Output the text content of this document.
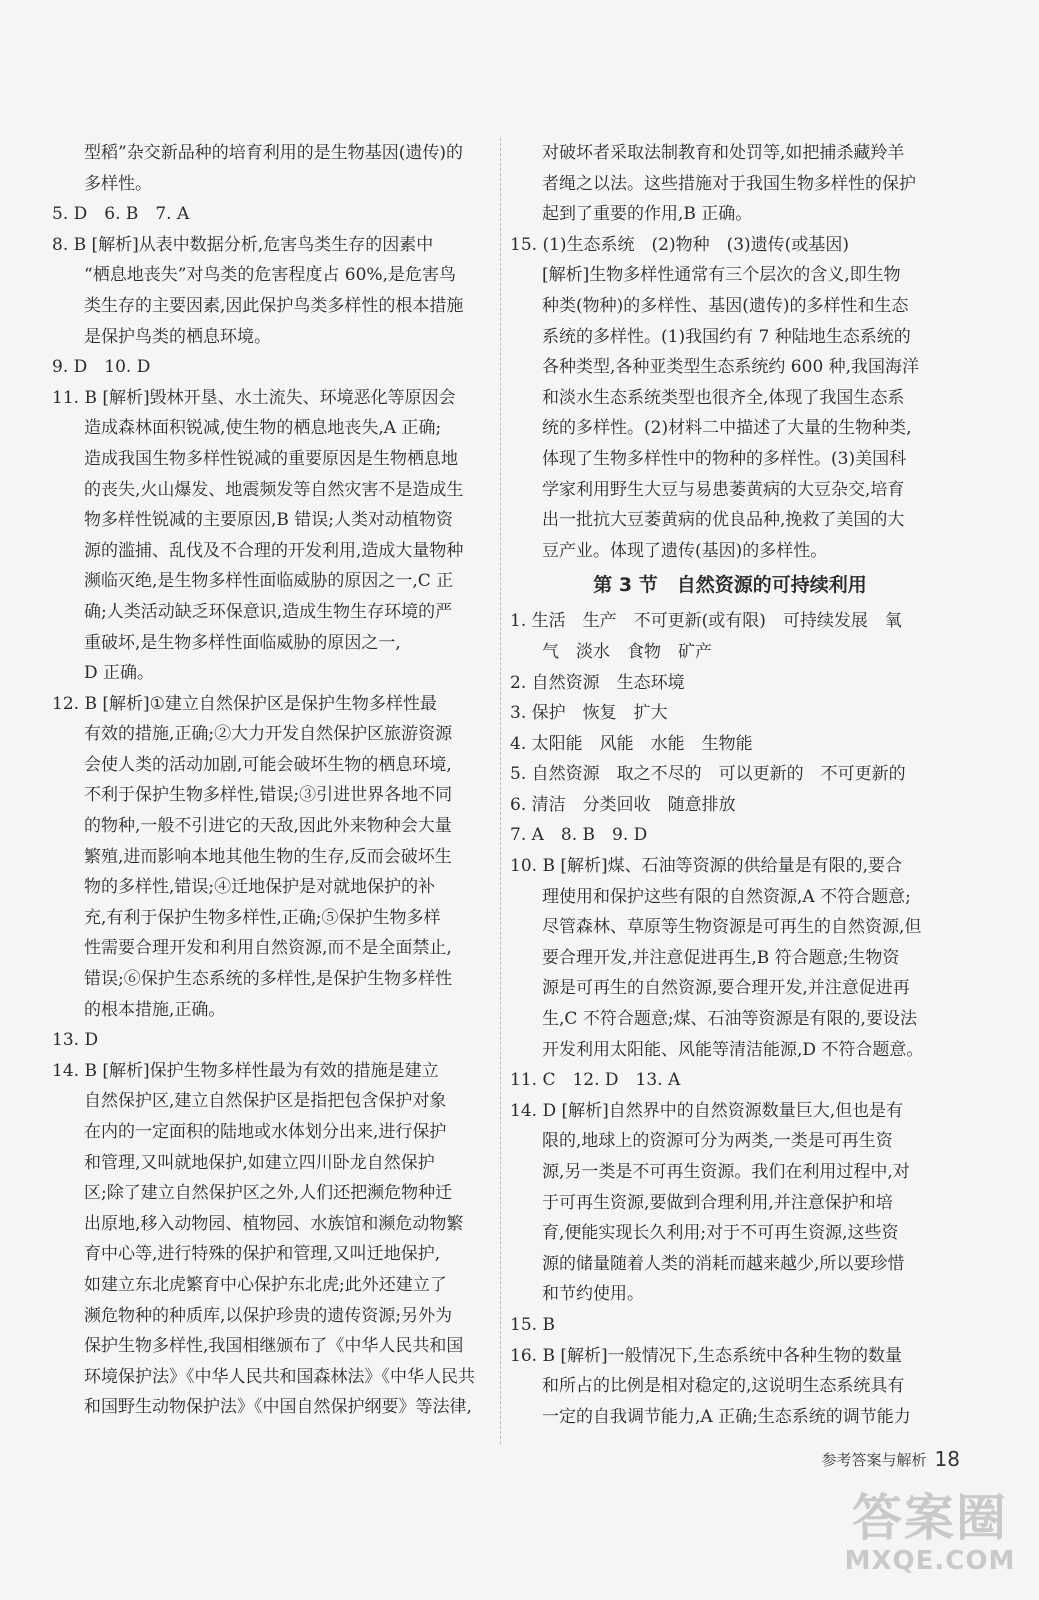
型稻”杂交新品种的培育利用的是生物基因(遗传)的
多样性。
5. D　6. B　7. A
8. B [解析]从表中数据分析,危害鸟类生存的因素中
“栖息地丧失”对鸟类的危害程度占 60%,是危害鸟
类生存的主要因素,因此保护鸟类多样性的根本措施
是保护鸟类的栖息环境。
9. D　10. D
11. B [解析]毁林开垦、水土流失、环境恶化等原因会
造成森林面积锐减,使生物的栖息地丧失,A 正确;
造成我国生物多样性锐减的重要原因是生物栖息地
的丧失,火山爆发、地震频发等自然灾害不是造成生
物多样性锐减的主要原因,B 错误;人类对动植物资
源的滥捕、乱伐及不合理的开发利用,造成大量物种
濒临灭绝,是生物多样性面临威胁的原因之一,C 正
确;人类活动缺乏环保意识,造成生物生存环境的严
重破坏,是生物多样性面临威胁的原因之一,
D 正确。
12. B [解析]①建立自然保护区是保护生物多样性最
有效的措施,正确;②大力开发自然保护区旅游资源
会使人类的活动加剧,可能会破坏生物的栖息环境,
不利于保护生物多样性,错误;③引进世界各地不同
的物种,一般不引进它的天敌,因此外来物种会大量
繁殖,进而影响本地其他生物的生存,反而会破坏生
物的多样性,错误;④迁地保护是对就地保护的补
充,有利于保护生物多样性,正确;⑤保护生物多样
性需要合理开发和利用自然资源,而不是全面禁止,
错误;⑥保护生态系统的多样性,是保护生物多样性
的根本措施,正确。
13. D
14. B [解析]保护生物多样性最为有效的措施是建立
自然保护区,建立自然保护区是指把包含保护对象
在内的一定面积的陆地或水体划分出来,进行保护
和管理,又叫就地保护,如建立四川卧龙自然保护
区;除了建立自然保护区之外,人们还把濒危物种迁
出原地,移入动物园、植物园、水族馆和濒危动物繁
育中心等,进行特殊的保护和管理,又叫迁地保护,
如建立东北虎繁育中心保护东北虎;此外还建立了
濒危物种的种质库,以保护珍贵的遗传资源;另外为
保护生物多样性,我国相继颁布了《中华人民共和国
环境保护法》《中华人民共和国森林法》《中华人民共
和国野生动物保护法》《中国自然保护纲要》等法律,
对破坏者采取法制教育和处罚等,如把捕杀藏羚羊
者绳之以法。这些措施对于我国生物多样性的保护
起到了重要的作用,B 正确。
15. (1)生态系统　(2)物种　(3)遗传(或基因)
[解析]生物多样性通常有三个层次的含义,即生物
种类(物种)的多样性、基因(遗传)的多样性和生态
系统的多样性。(1)我国约有 7 种陆地生态系统的
各种类型,各种亚类型生态系统约 600 种,我国海洋
和淡水生态系统类型也很齐全,体现了我国生态系
统的多样性。(2)材料二中描述了大量的生物种类,
体现了生物多样性中的物种的多样性。(3)美国科
学家利用野生大豆与易患萎黄病的大豆杂交,培育
出一批抗大豆萎黄病的优良品种,挽救了美国的大
豆产业。体现了遗传(基因)的多样性。
第 3 节　自然资源的可持续利用
1. 生活　生产　不可更新(或有限)　可持续发展　氧
气　淡水　食物　矿产
2. 自然资源　生态环境
3. 保护　恢复　扩大
4. 太阳能　风能　水能　生物能
5. 自然资源　取之不尽的　可以更新的　不可更新的
6. 清洁　分类回收　随意排放
7. A　8. B　9. D
10. B [解析]煤、石油等资源的供给量是有限的,要合
理使用和保护这些有限的自然资源,A 不符合题意;
尽管森林、草原等生物资源是可再生的自然资源,但
要合理开发,并注意促进再生,B 符合题意;生物资
源是可再生的自然资源,要合理开发,并注意促进再
生,C 不符合题意;煤、石油等资源是有限的,要设法
开发利用太阳能、风能等清洁能源,D 不符合题意。
11. C　12. D　13. A
14. D [解析]自然界中的自然资源数量巨大,但也是有
限的,地球上的资源可分为两类,一类是可再生资
源,另一类是不可再生资源。我们在利用过程中,对
于可再生资源,要做到合理利用,并注意保护和培
育,便能实现长久利用;对于不可再生资源,这些资
源的储量随着人类的消耗而越来越少,所以要珍惜
和节约使用。
15. B
16. B [解析]一般情况下,生态系统中各种生物的数量
和所占的比例是相对稳定的,这说明生态系统具有
一定的自我调节能力,A 正确;生态系统的调节能力
参考答案与解析 18
答案圈
MXQE.COM
